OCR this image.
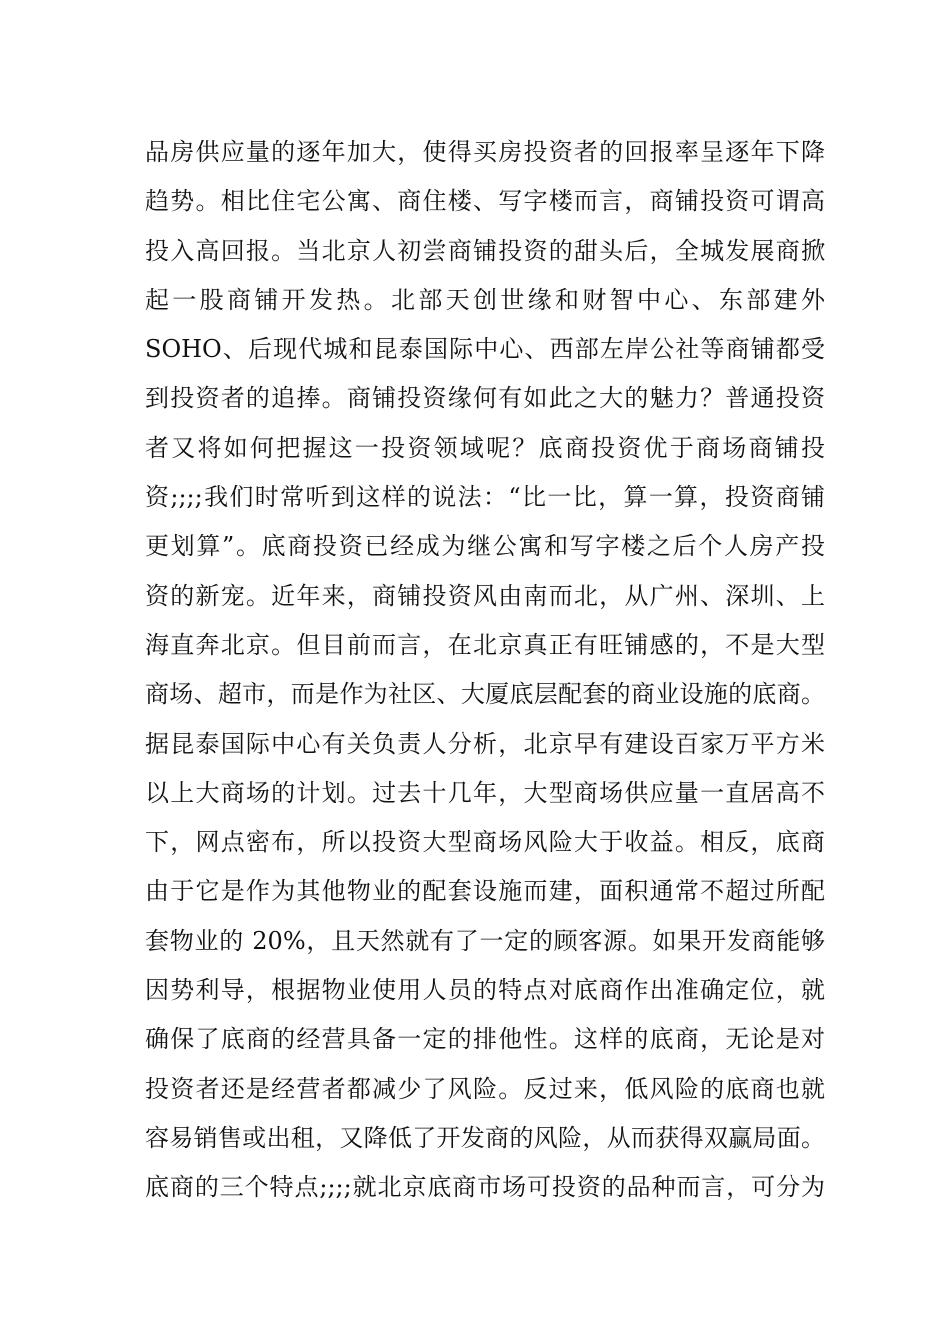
品房供应量的逐年加大，使得买房投资者的回报率呈逐年下降
趋势。相比住宅公寓、商住楼、写字楼而言，商铺投资可谓高
投入高回报。当北京人初尝商铺投资的甜头后，全城发展商掀
起一股商铺开发热。北部天创世缘和财智中心、东部建外
SOHO、后现代城和昆泰国际中心、西部左岸公社等商铺都受
到投资者的追捧。商铺投资缘何有如此之大的魅力？普通投资
者又将如何把握这一投资领域呢？底商投资优于商场商铺投
资;;;;我们时常听到这样的说法：“比一比，算一算，投资商铺
更划算”。底商投资已经成为继公寓和写字楼之后个人房产投
资的新宠。近年来，商铺投资风由南而北，从广州、深圳、上
海直奔北京。但目前而言，在北京真正有旺铺感的，不是大型
商场、超市，而是作为社区、大厦底层配套的商业设施的底商。
据昆泰国际中心有关负责人分析，北京早有建设百家万平方米
以上大商场的计划。过去十几年，大型商场供应量一直居高不
下，网点密布，所以投资大型商场风险大于收益。相反，底商
由于它是作为其他物业的配套设施而建，面积通常不超过所配
套物业的 20%，且天然就有了一定的顾客源。如果开发商能够
因势利导，根据物业使用人员的特点对底商作出准确定位，就
确保了底商的经营具备一定的排他性。这样的底商，无论是对
投资者还是经营者都减少了风险。反过来，低风险的底商也就
容易销售或出租，又降低了开发商的风险，从而获得双赢局面。
底商的三个特点;;;;就北京底商市场可投资的品种而言，可分为
